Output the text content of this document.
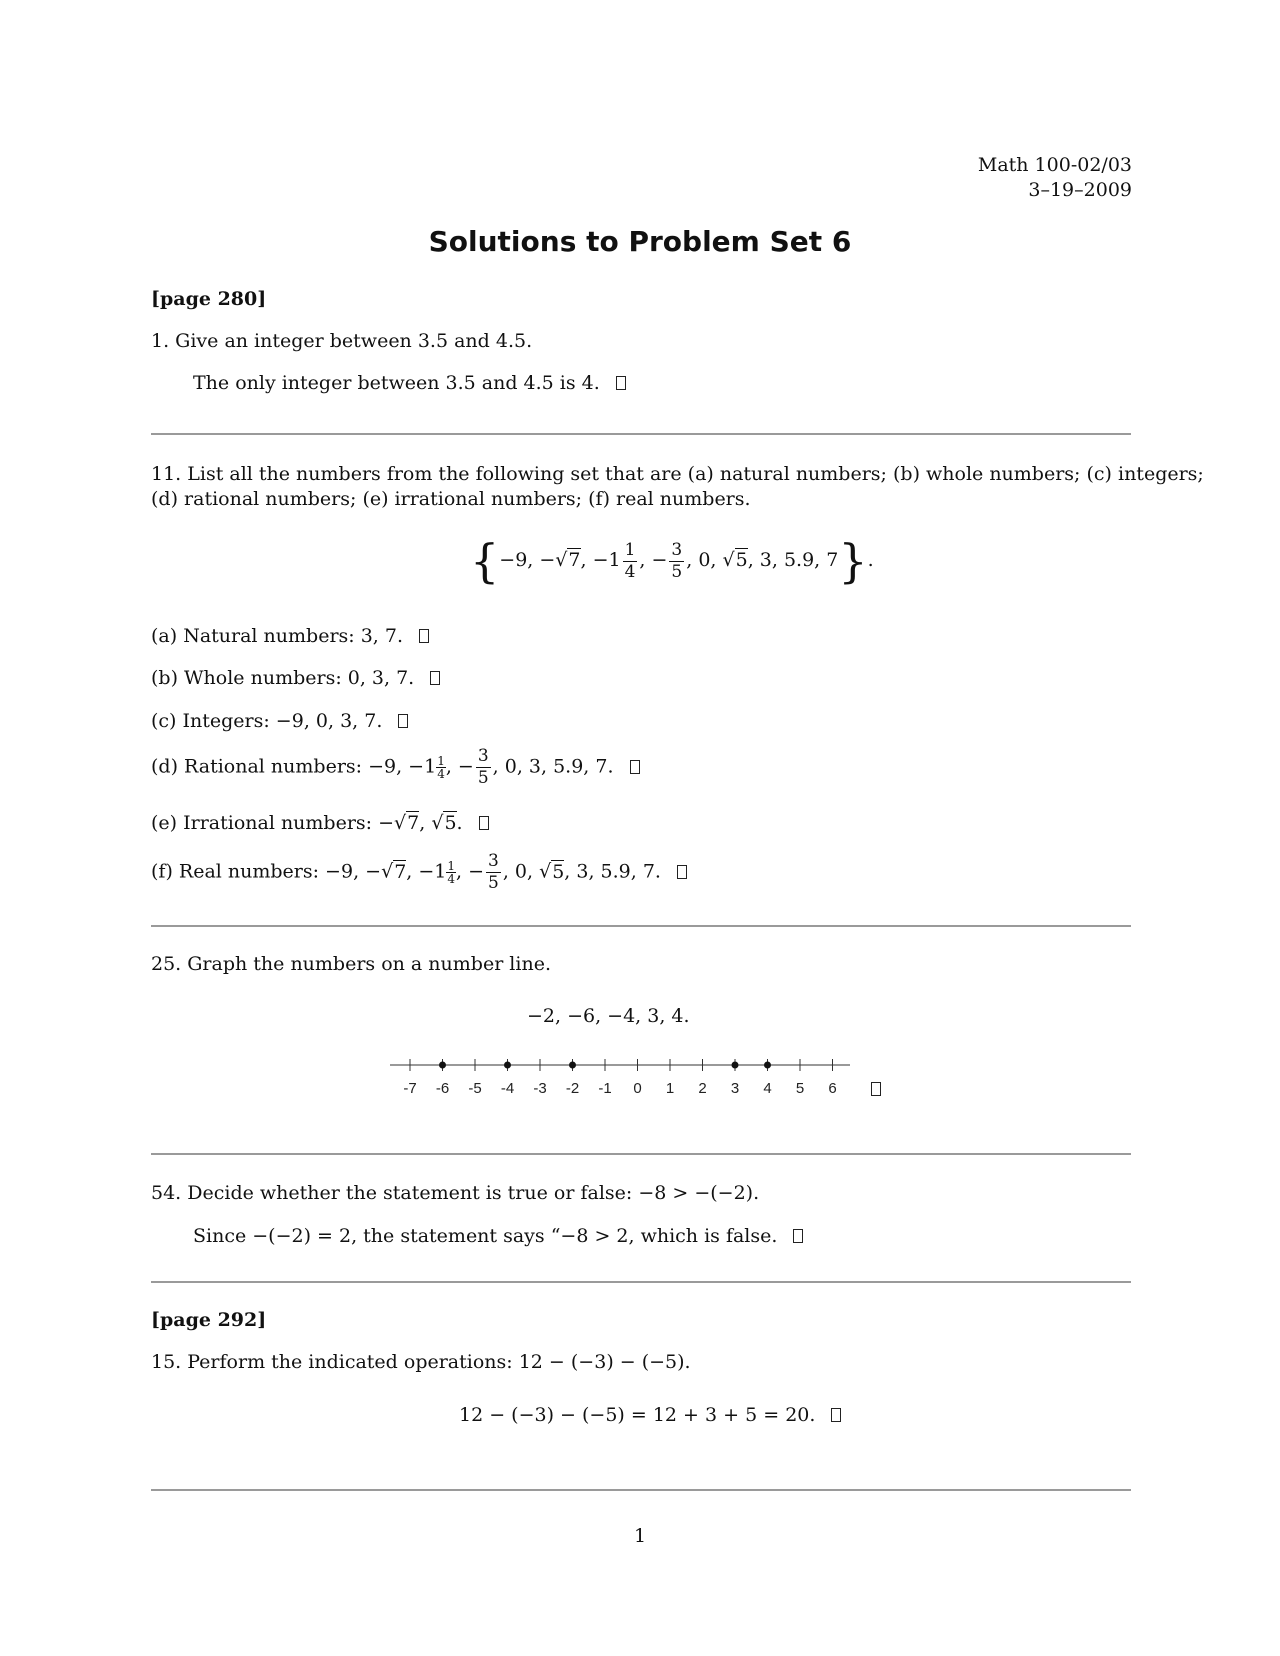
Math 100-02/03
3–19–2009
Solutions to Problem Set 6
[page 280]
1. Give an integer between 3.5 and 4.5.
The only integer between 3.5 and 4.5 is 4.
11. List all the numbers from the following set that are (a) natural numbers; (b) whole numbers; (c) integers;
(d) rational numbers; (e) irrational numbers; (f) real numbers.
{−9, −√7, $-1 \frac{1}{4}$ , − $\frac{3}{5}$ , 0, √5, 3, 5.9, 7}.
(a) Natural numbers: 3, 7.
(b) Whole numbers: 0, 3, 7.
(c) Integers: −9, 0, 3, 7.
(d) Rational numbers: −9, $-1 \frac{1}{4}$ , − $\frac{3}{5}$ , 0, 3, 5.9, 7.
(e) Irrational numbers: −√7, √5.
(f) Real numbers: −9, −√7, $-1 \frac{1}{4}$ , − $\frac{3}{5}$ , 0, √5, 3, 5.9, 7.
25. Graph the numbers on a number line.
−2, −6, −4, 3, 4.
-7 -6 -5 -4 -3 -2 -1 0 1 2 3 4 5 6
54. Decide whether the statement is true or false: −8 > −(−2).
Since −(−2) = 2, the statement says “−8 > 2, which is false.
[page 292]
15. Perform the indicated operations: 12 − (−3) − (−5).
12 − (−3) − (−5) = 12 + 3 + 5 = 20.
1
